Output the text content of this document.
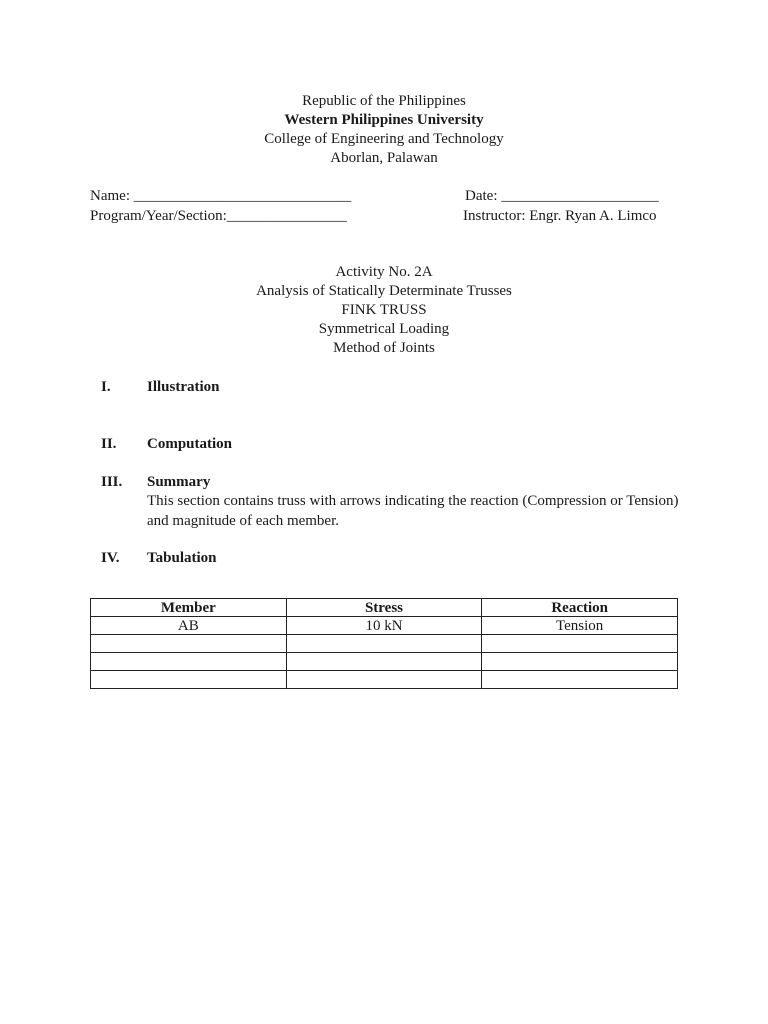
Republic of the Philippines
Western Philippines University
College of Engineering and Technology
Aborlan, Palawan
Name: _____________________________	Date: _____________________
Program/Year/Section:________________	Instructor: Engr. Ryan A. Limco
Activity No. 2A
Analysis of Statically Determinate Trusses
FINK TRUSS
Symmetrical Loading
Method of Joints
I. Illustration
II. Computation
III. Summary
This section contains truss with arrows indicating the reaction (Compression or Tension) and magnitude of each member.
IV. Tabulation
Member	Stress	Reaction
AB	10 kN	Tension
